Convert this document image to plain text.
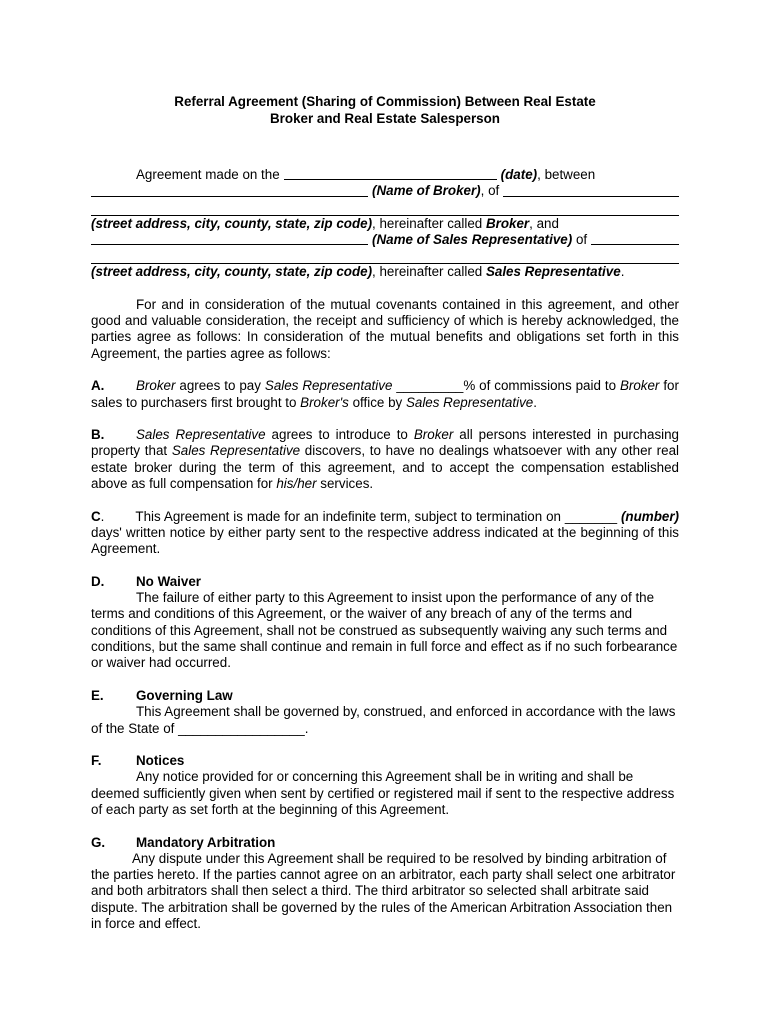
Referral Agreement (Sharing of Commission) Between Real Estate

Broker and Real Estate Salesperson

Agreement made on the	(date) , between
(Name of Broker) , of
(street address, city, county, state, zip code) , hereinafter called
Broker , and
(Name of Sales Representative)
of
(street address, city, county, state, zip code) , hereinafter called
Sales Representative .

For and in consideration of the mutual covenants contained in this agreement, and other good and valuable consideration, the receipt and sufficiency of which is hereby acknowledged, the parties agree as follows: In consideration of the mutual benefits and obligations set forth in this Agreement, the parties agree as follows:

A. Broker agrees to pay Sales Representative _________% of commissions paid to Broker for sales to purchasers first brought to Broker's office by Sales Representative.

B. Sales Representative agrees to introduce to Broker all persons interested in purchasing property that Sales Representative discovers, to have no dealings whatsoever with any other real estate broker during the term of this agreement, and to accept the compensation established above as full compensation for his/her services.

C.        This Agreement is made for an indefinite term, subject to termination on _______ (number) days' written notice by either party sent to the respective address indicated at the beginning of this Agreement.

D.	No Waiver

The failure of either party to this Agreement to insist upon the performance of any of the terms and conditions of this Agreement, or the waiver of any breach of any of the terms and conditions of this Agreement, shall not be construed as subsequently waiving any such terms and conditions, but the same shall continue and remain in full force and effect as if no such forbearance or waiver had occurred.

E.	Governing Law

This Agreement shall be governed by, construed, and enforced in accordance with the laws of the State of _________________.

F.	Notices

Any notice provided for or concerning this Agreement shall be in writing and shall be deemed sufficiently given when sent by certified or registered mail if sent to the respective address of each party as set forth at the beginning of this Agreement.

G.	Mandatory Arbitration

Any dispute under this Agreement shall be required to be resolved by binding arbitration of the parties hereto. If the parties cannot agree on an arbitrator, each party shall select one arbitrator and both arbitrators shall then select a third. The third arbitrator so selected shall arbitrate said dispute. The arbitration shall be governed by the rules of the American Arbitration Association then in force and effect.
